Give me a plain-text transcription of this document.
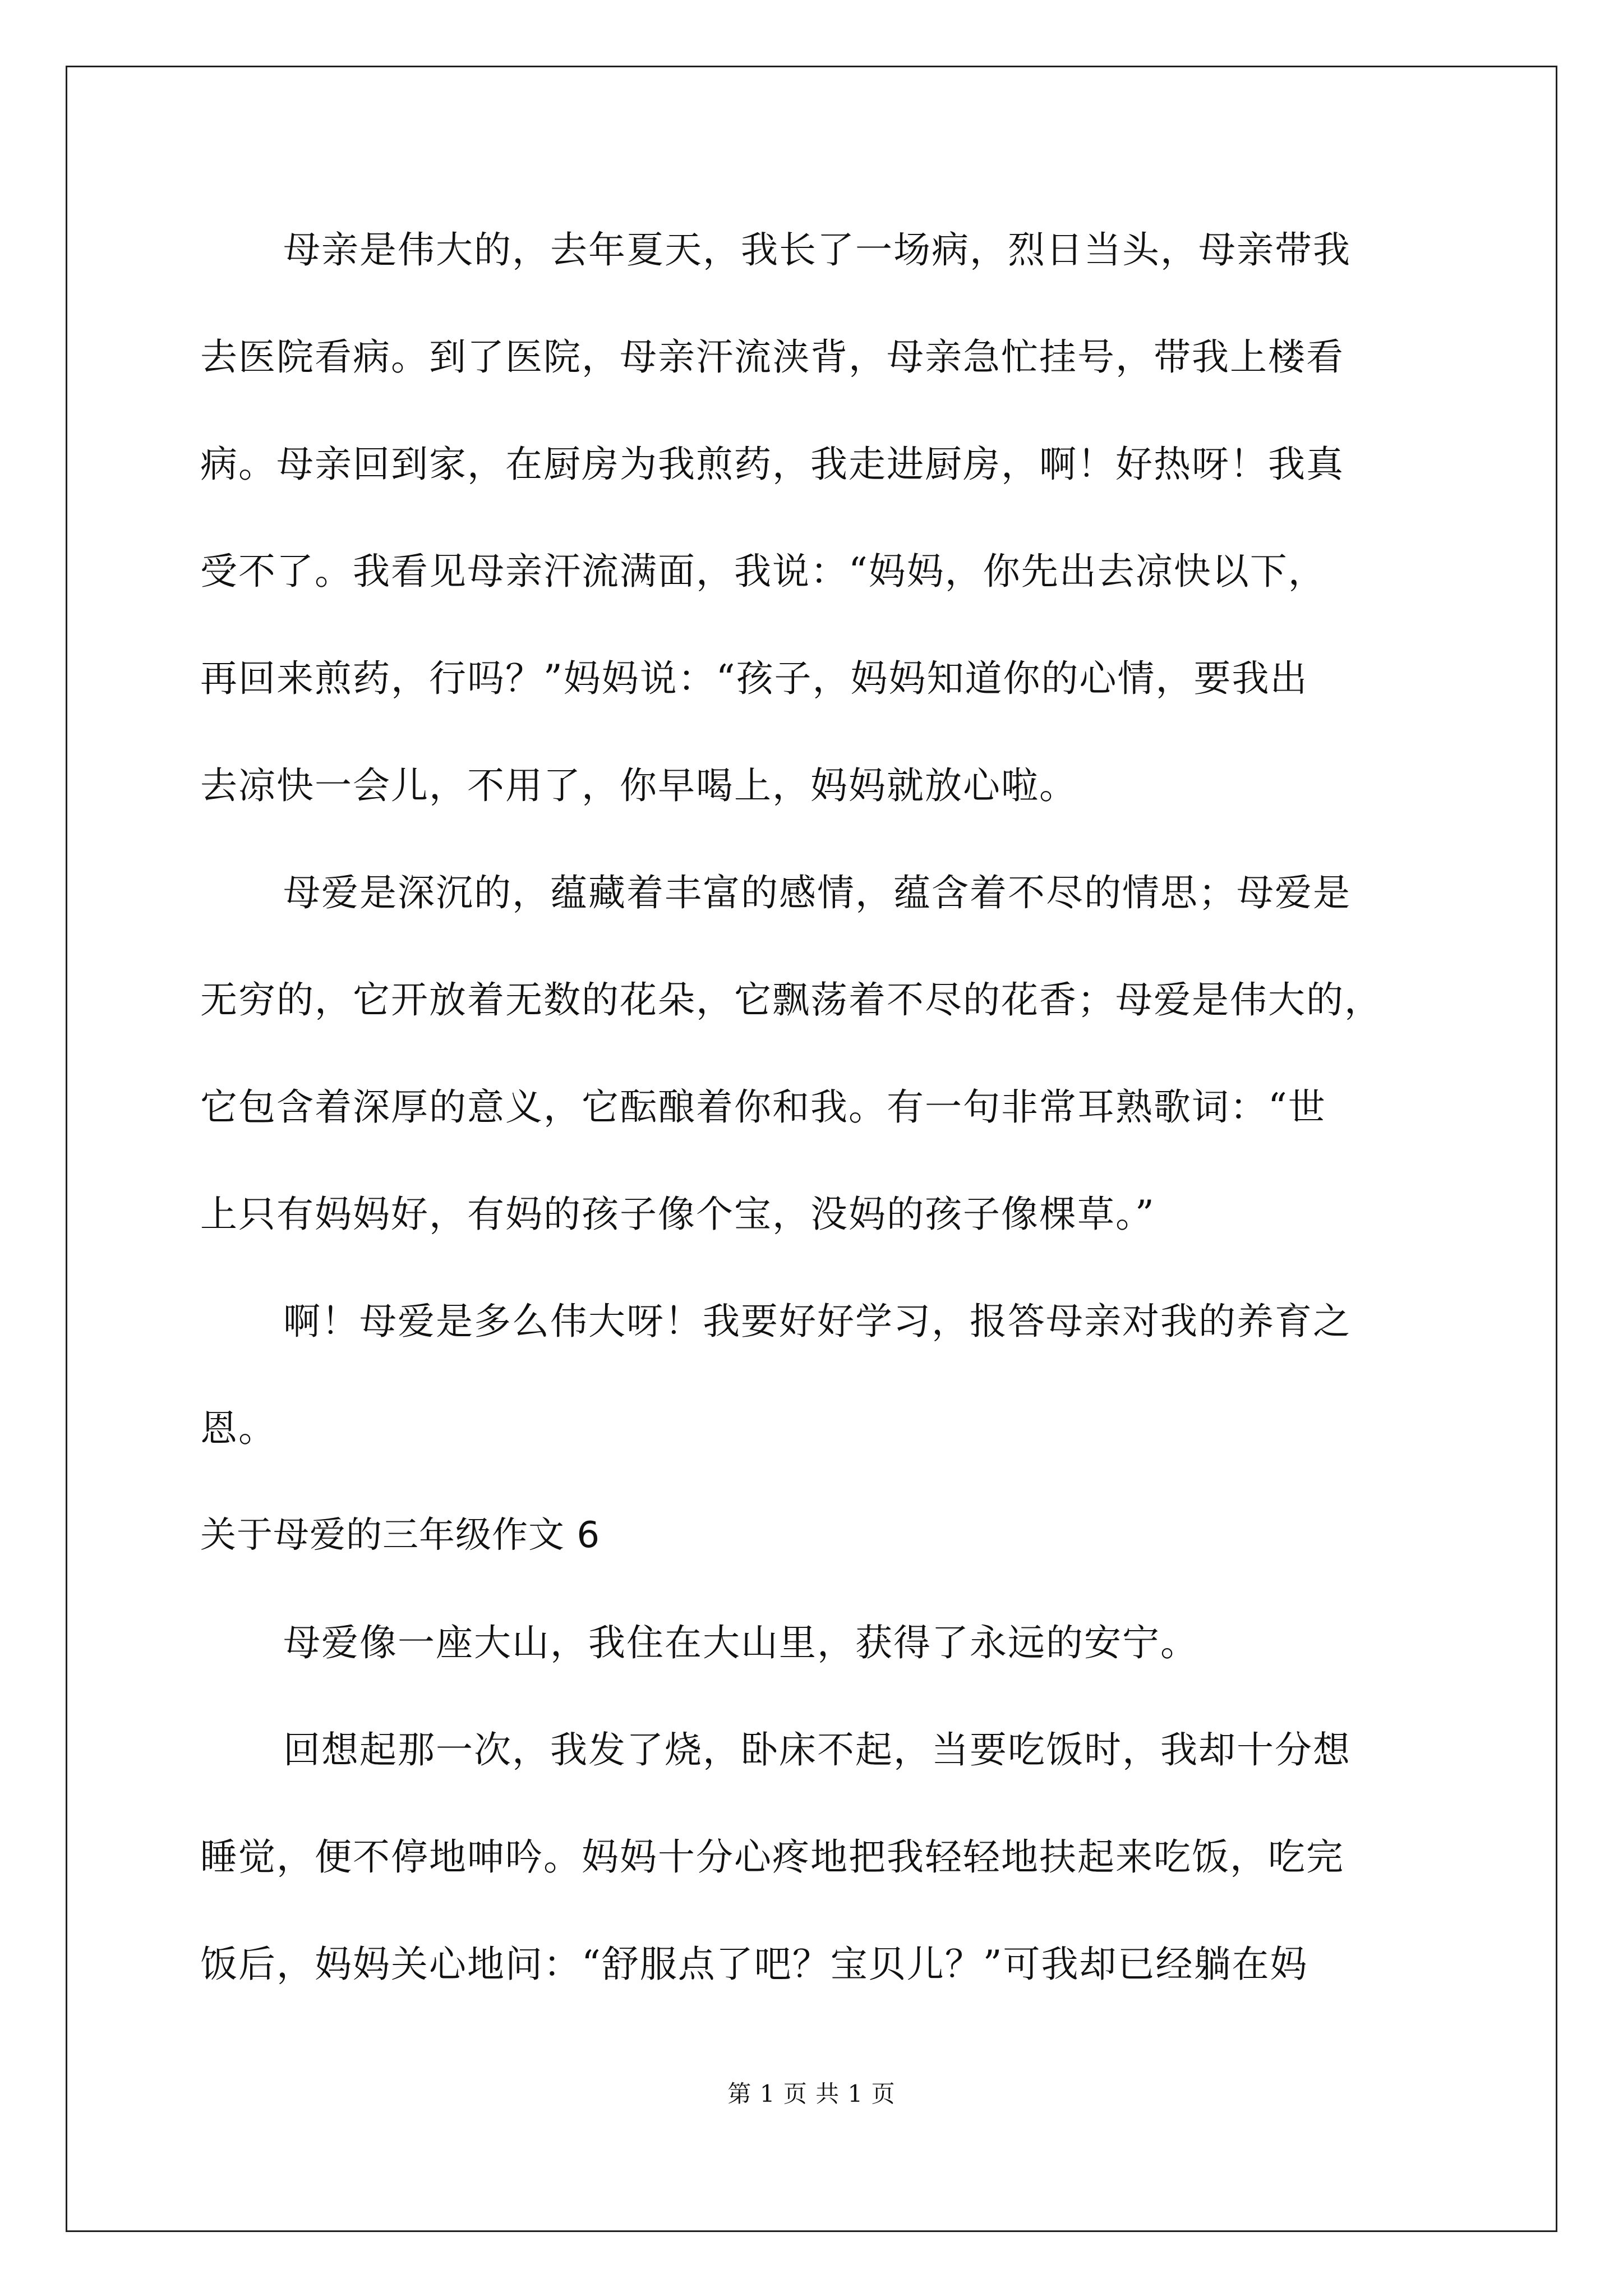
母亲是伟大的，去年夏天，我长了一场病，烈日当头，母亲带我
去医院看病。到了医院，母亲汗流浃背，母亲急忙挂号，带我上楼看
病。母亲回到家，在厨房为我煎药，我走进厨房，啊！好热呀！我真
受不了。我看见母亲汗流满面，我说：“妈妈，你先出去凉快以下，
再回来煎药，行吗？”妈妈说：“孩子，妈妈知道你的心情，要我出
去凉快一会儿，不用了，你早喝上，妈妈就放心啦。
母爱是深沉的，蕴藏着丰富的感情，蕴含着不尽的情思；母爱是
无穷的，它开放着无数的花朵，它飘荡着不尽的花香；母爱是伟大的，
它包含着深厚的意义，它酝酿着你和我。有一句非常耳熟歌词：“世
上只有妈妈好，有妈的孩子像个宝，没妈的孩子像棵草。”
啊！母爱是多么伟大呀！我要好好学习，报答母亲对我的养育之
恩。
关于母爱的三年级作文 6
母爱像一座大山，我住在大山里，获得了永远的安宁。
回想起那一次，我发了烧，卧床不起，当要吃饭时，我却十分想
睡觉，便不停地呻吟。妈妈十分心疼地把我轻轻地扶起来吃饭，吃完
饭后，妈妈关心地问：“舒服点了吧？宝贝儿？”可我却已经躺在妈
第 1 页 共 1 页
